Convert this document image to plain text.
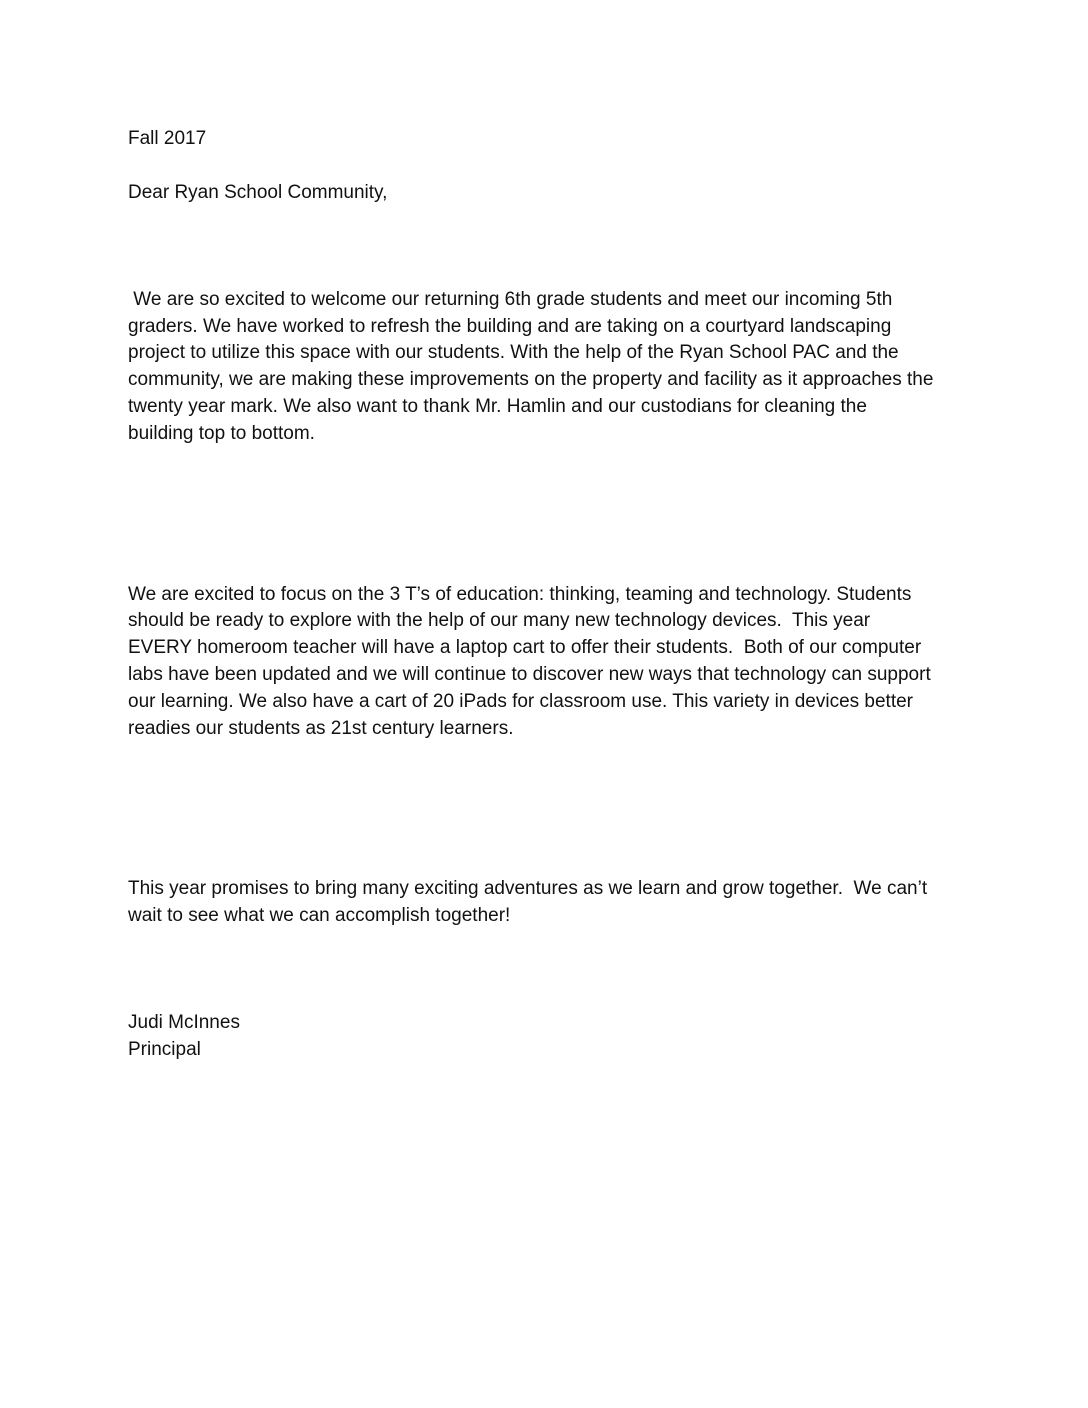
Fall 2017

Dear Ryan School Community,

We are so excited to welcome our returning 6th grade students and meet our incoming 5th
graders. We have worked to refresh the building and are taking on a courtyard landscaping
project to utilize this space with our students. With the help of the Ryan School PAC and the
community, we are making these improvements on the property and facility as it approaches the
twenty year mark. We also want to thank Mr. Hamlin and our custodians for cleaning the
building top to bottom.

We are excited to focus on the 3 T’s of education: thinking, teaming and technology. Students
should be ready to explore with the help of our many new technology devices.  This year
EVERY homeroom teacher will have a laptop cart to offer their students.  Both of our computer
labs have been updated and we will continue to discover new ways that technology can support
our learning. We also have a cart of 20 iPads for classroom use. This variety in devices better
readies our students as 21st century learners.

This year promises to bring many exciting adventures as we learn and grow together.  We can’t
wait to see what we can accomplish together!

Judi McInnes
Principal
